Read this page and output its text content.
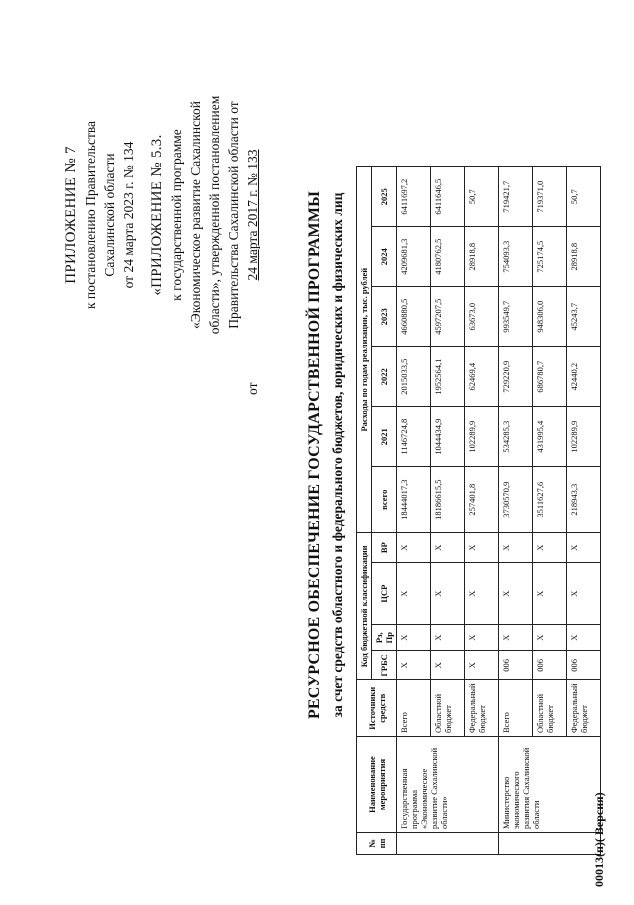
ПРИЛОЖЕНИЕ № 7 к постановлению Правительства Сахалинской области от 24 марта 2023 г. № 134 «ПРИЛОЖЕНИЕ № 5.3. к государственной программе «Экономическое развитие Сахалинской области», утвержденной постановлением Правительства Сахалинской области от
от
24 марта 2017 г. № 133	РЕСУРСНОЕ ОБЕСПЕЧЕНИЕ ГОСУДАРСТВЕННОЙ ПРОГРАММЫ за счет средств областного и федерального бюджетов, юридических и физических лиц
№ пп	Наименование мероприятия	Источники средств	Код бюджетной классификации				Расходы по годам реализации, тыс. рублей					
			ГРБС	Рз, Пр	ЦСР	ВР	всего	2021	2022	2023	2024	2025
	Государственная программа «Экономическое развитие Сахалинской области»	Всего	X	X	X	X	18444017,3	1146724,8	2015033,5	4660880,5	4209681,3	6411697,2
		Областной бюджет	X	X	X	X	18186615,5	1044434,9	1952564,1	4597207,5	4180762,5	6411646,5
		Федеральный бюджет	X	X	X	X	257401,8	102289,9	62469,4	63673,0	28918,8	50,7
	Министерство экономического развития Сахалинской области	Всего	006	X	X	X	3730570,9	534285,3	729220,9	993549,7	754093,3	719421,7
		Областной бюджет	006	X	X	X	3511627,6	431995,4	686780,7	948306,0	725174,5	719371,0
		Федеральный бюджет	006	X	X	X	218943,3	102289,9	42440,2	45243,7	28918,8	50,7
00013(п)( Версия)
